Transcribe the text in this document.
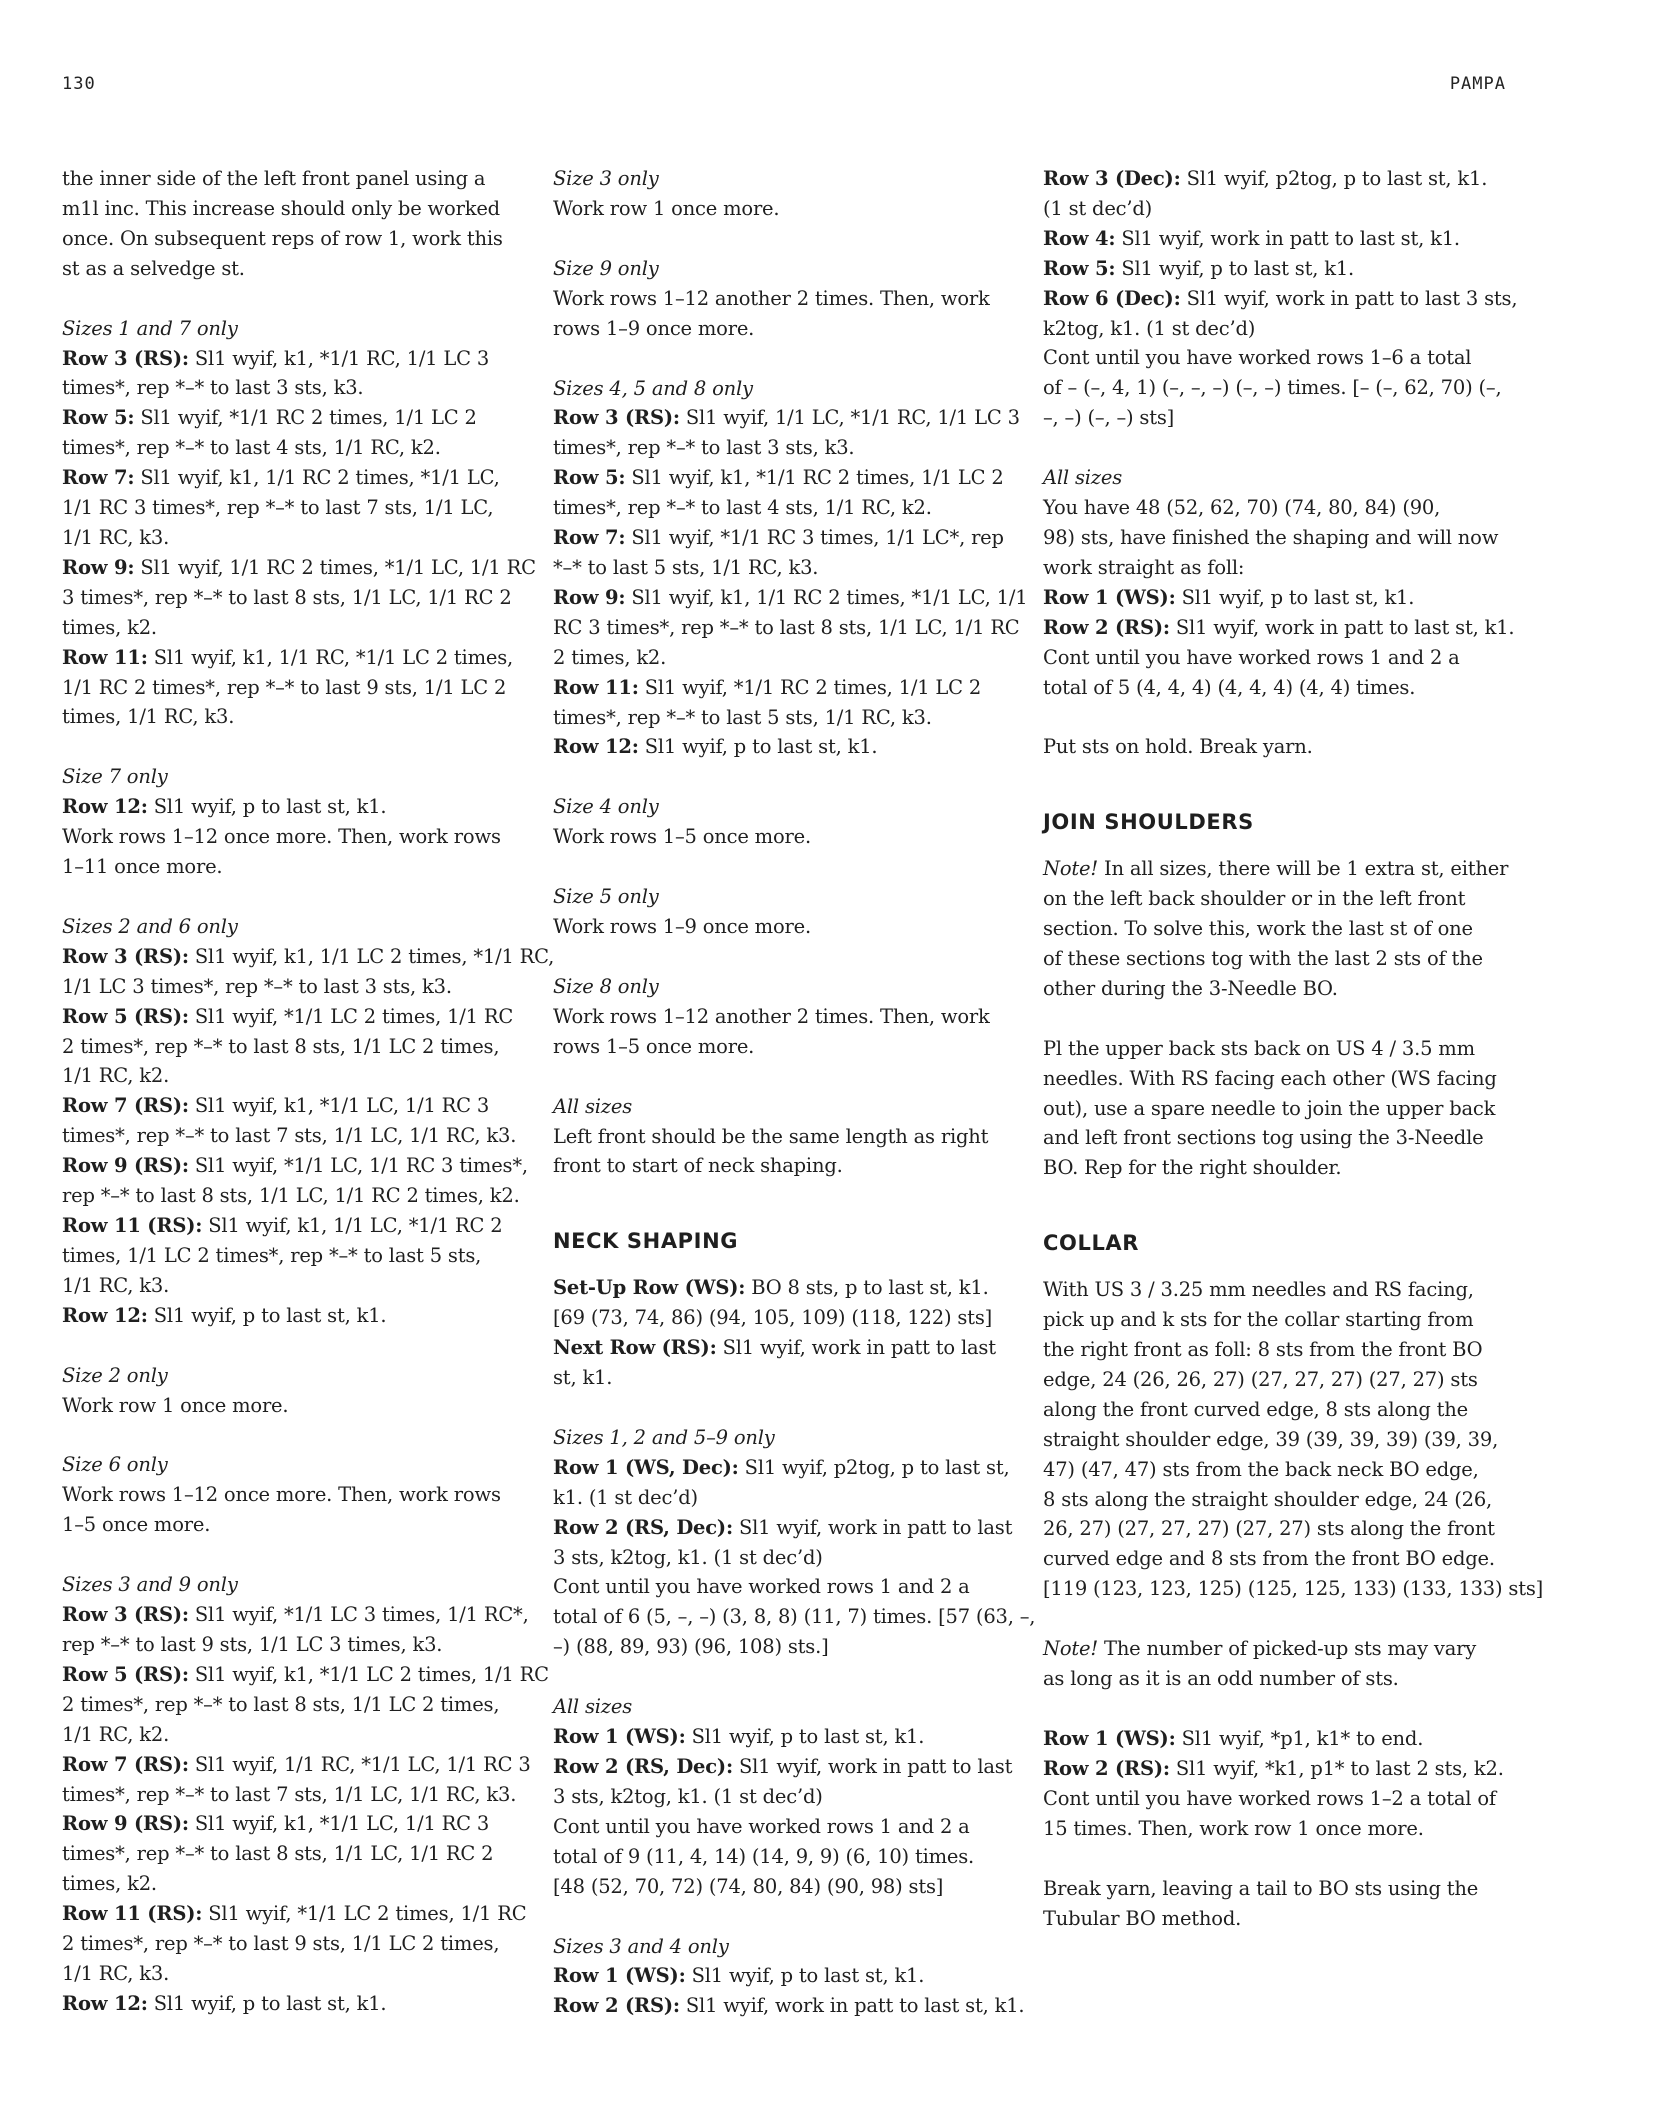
130	PAMPA
the inner side of the left front panel using a
m1l inc. This increase should only be worked
once. On subsequent reps of row 1, work this
st as a selvedge st.
Sizes 1 and 7 only
Row 3 (RS): Sl1 wyif, k1, *1/1 RC, 1/1 LC 3
times*, rep *–* to last 3 sts, k3.
Row 5: Sl1 wyif, *1/1 RC 2 times, 1/1 LC 2
times*, rep *–* to last 4 sts, 1/1 RC, k2.
Row 7: Sl1 wyif, k1, 1/1 RC 2 times, *1/1 LC,
1/1 RC 3 times*, rep *–* to last 7 sts, 1/1 LC,
1/1 RC, k3.
Row 9: Sl1 wyif, 1/1 RC 2 times, *1/1 LC, 1/1 RC
3 times*, rep *–* to last 8 sts, 1/1 LC, 1/1 RC 2
times, k2.
Row 11: Sl1 wyif, k1, 1/1 RC, *1/1 LC 2 times,
1/1 RC 2 times*, rep *–* to last 9 sts, 1/1 LC 2
times, 1/1 RC, k3.
Size 7 only
Row 12: Sl1 wyif, p to last st, k1.
Work rows 1–12 once more. Then, work rows
1–11 once more.
Sizes 2 and 6 only
Row 3 (RS): Sl1 wyif, k1, 1/1 LC 2 times, *1/1 RC,
1/1 LC 3 times*, rep *–* to last 3 sts, k3.
Row 5 (RS): Sl1 wyif, *1/1 LC 2 times, 1/1 RC
2 times*, rep *–* to last 8 sts, 1/1 LC 2 times,
1/1 RC, k2.
Row 7 (RS): Sl1 wyif, k1, *1/1 LC, 1/1 RC 3
times*, rep *–* to last 7 sts, 1/1 LC, 1/1 RC, k3.
Row 9 (RS): Sl1 wyif, *1/1 LC, 1/1 RC 3 times*,
rep *–* to last 8 sts, 1/1 LC, 1/1 RC 2 times, k2.
Row 11 (RS): Sl1 wyif, k1, 1/1 LC, *1/1 RC 2
times, 1/1 LC 2 times*, rep *–* to last 5 sts,
1/1 RC, k3.
Row 12: Sl1 wyif, p to last st, k1.
Size 2 only
Work row 1 once more.
Size 6 only
Work rows 1–12 once more. Then, work rows
1–5 once more.
Sizes 3 and 9 only
Row 3 (RS): Sl1 wyif, *1/1 LC 3 times, 1/1 RC*,
rep *–* to last 9 sts, 1/1 LC 3 times, k3.
Row 5 (RS): Sl1 wyif, k1, *1/1 LC 2 times, 1/1 RC
2 times*, rep *–* to last 8 sts, 1/1 LC 2 times,
1/1 RC, k2.
Row 7 (RS): Sl1 wyif, 1/1 RC, *1/1 LC, 1/1 RC 3
times*, rep *–* to last 7 sts, 1/1 LC, 1/1 RC, k3.
Row 9 (RS): Sl1 wyif, k1, *1/1 LC, 1/1 RC 3
times*, rep *–* to last 8 sts, 1/1 LC, 1/1 RC 2
times, k2.
Row 11 (RS): Sl1 wyif, *1/1 LC 2 times, 1/1 RC
2 times*, rep *–* to last 9 sts, 1/1 LC 2 times,
1/1 RC, k3.
Row 12: Sl1 wyif, p to last st, k1.
Size 3 only
Work row 1 once more.
Size 9 only
Work rows 1–12 another 2 times. Then, work
rows 1–9 once more.
Sizes 4, 5 and 8 only
Row 3 (RS): Sl1 wyif, 1/1 LC, *1/1 RC, 1/1 LC 3
times*, rep *–* to last 3 sts, k3.
Row 5: Sl1 wyif, k1, *1/1 RC 2 times, 1/1 LC 2
times*, rep *–* to last 4 sts, 1/1 RC, k2.
Row 7: Sl1 wyif, *1/1 RC 3 times, 1/1 LC*, rep
*–* to last 5 sts, 1/1 RC, k3.
Row 9: Sl1 wyif, k1, 1/1 RC 2 times, *1/1 LC, 1/1
RC 3 times*, rep *–* to last 8 sts, 1/1 LC, 1/1 RC
2 times, k2.
Row 11: Sl1 wyif, *1/1 RC 2 times, 1/1 LC 2
times*, rep *–* to last 5 sts, 1/1 RC, k3.
Row 12: Sl1 wyif, p to last st, k1.
Size 4 only
Work rows 1–5 once more.
Size 5 only
Work rows 1–9 once more.
Size 8 only
Work rows 1–12 another 2 times. Then, work
rows 1–5 once more.
All sizes
Left front should be the same length as right
front to start of neck shaping.
NECK SHAPING
Set-Up Row (WS): BO 8 sts, p to last st, k1.
[69 (73, 74, 86) (94, 105, 109) (118, 122) sts]
Next Row (RS): Sl1 wyif, work in patt to last
st, k1.
Sizes 1, 2 and 5–9 only
Row 1 (WS, Dec): Sl1 wyif, p2tog, p to last st,
k1. (1 st dec’d)
Row 2 (RS, Dec): Sl1 wyif, work in patt to last
3 sts, k2tog, k1. (1 st dec’d)
Cont until you have worked rows 1 and 2 a
total of 6 (5, –, –) (3, 8, 8) (11, 7) times. [57 (63, –,
–) (88, 89, 93) (96, 108) sts.]
All sizes
Row 1 (WS): Sl1 wyif, p to last st, k1.
Row 2 (RS, Dec): Sl1 wyif, work in patt to last
3 sts, k2tog, k1. (1 st dec’d)
Cont until you have worked rows 1 and 2 a
total of 9 (11, 4, 14) (14, 9, 9) (6, 10) times.
[48 (52, 70, 72) (74, 80, 84) (90, 98) sts]
Sizes 3 and 4 only
Row 1 (WS): Sl1 wyif, p to last st, k1.
Row 2 (RS): Sl1 wyif, work in patt to last st, k1.
Row 3 (Dec): Sl1 wyif, p2tog, p to last st, k1.
(1 st dec’d)
Row 4: Sl1 wyif, work in patt to last st, k1.
Row 5: Sl1 wyif, p to last st, k1.
Row 6 (Dec): Sl1 wyif, work in patt to last 3 sts,
k2tog, k1. (1 st dec’d)
Cont until you have worked rows 1–6 a total
of – (–, 4, 1) (–, –, –) (–, –) times. [– (–, 62, 70) (–,
–, –) (–, –) sts]
All sizes
You have 48 (52, 62, 70) (74, 80, 84) (90,
98) sts, have finished the shaping and will now
work straight as foll:
Row 1 (WS): Sl1 wyif, p to last st, k1.
Row 2 (RS): Sl1 wyif, work in patt to last st, k1.
Cont until you have worked rows 1 and 2 a
total of 5 (4, 4, 4) (4, 4, 4) (4, 4) times.
Put sts on hold. Break yarn.
JOIN SHOULDERS
Note! In all sizes, there will be 1 extra st, either
on the left back shoulder or in the left front
section. To solve this, work the last st of one
of these sections tog with the last 2 sts of the
other during the 3-Needle BO.
Pl the upper back sts back on US 4 / 3.5 mm
needles. With RS facing each other (WS facing
out), use a spare needle to join the upper back
and left front sections tog using the 3-Needle
BO. Rep for the right shoulder.
COLLAR
With US 3 / 3.25 mm needles and RS facing,
pick up and k sts for the collar starting from
the right front as foll: 8 sts from the front BO
edge, 24 (26, 26, 27) (27, 27, 27) (27, 27) sts
along the front curved edge, 8 sts along the
straight shoulder edge, 39 (39, 39, 39) (39, 39,
47) (47, 47) sts from the back neck BO edge,
8 sts along the straight shoulder edge, 24 (26,
26, 27) (27, 27, 27) (27, 27) sts along the front
curved edge and 8 sts from the front BO edge.
[119 (123, 123, 125) (125, 125, 133) (133, 133) sts]
Note! The number of picked-up sts may vary
as long as it is an odd number of sts.
Row 1 (WS): Sl1 wyif, *p1, k1* to end.
Row 2 (RS): Sl1 wyif, *k1, p1* to last 2 sts, k2.
Cont until you have worked rows 1–2 a total of
15 times. Then, work row 1 once more.
Break yarn, leaving a tail to BO sts using the
Tubular BO method.
